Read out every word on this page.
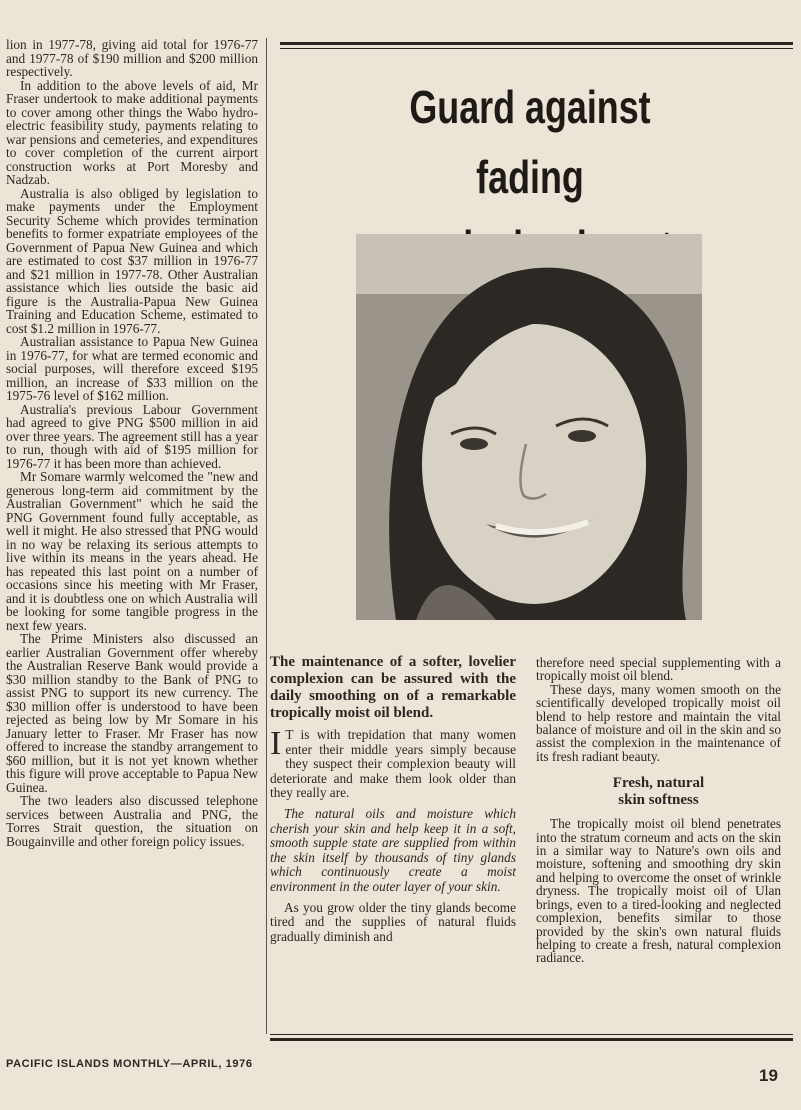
lion in 1977-78, giving aid total for 1976-77 and 1977-78 of $190 million and $200 million respectively.

In addition to the above levels of aid, Mr Fraser undertook to make additional payments to cover among other things the Wabo hydro-electric feasibility study, payments relating to war pensions and cemeteries, and expenditures to cover completion of the current airport construction works at Port Moresby and Nadzab.

Australia is also obliged by legislation to make payments under the Employment Security Scheme which provides termination benefits to former expatriate employees of the Government of Papua New Guinea and which are estimated to cost $37 million in 1976-77 and $21 million in 1977-78. Other Australian assistance which lies outside the basic aid figure is the Australia-Papua New Guinea Training and Education Scheme, estimated to cost $1.2 million in 1976-77.

Australian assistance to Papua New Guinea in 1976-77, for what are termed economic and social purposes, will therefore exceed $195 million, an increase of $33 million on the 1975-76 level of $162 million.

Australia's previous Labour Government had agreed to give PNG $500 million in aid over three years. The agreement still has a year to run, though with aid of $195 million for 1976-77 it has been more than achieved.

Mr Somare warmly welcomed the "new and generous long-term aid commitment by the Australian Government" which he said the PNG Government found fully acceptable, as well it might. He also stressed that PNG would in no way be relaxing its serious attempts to live within its means in the years ahead. He has repeated this last point on a number of occasions since his meeting with Mr Fraser, and it is doubtless one on which Australia will be looking for some tangible progress in the next few years.

The Prime Ministers also discussed an earlier Australian Government offer whereby the Australian Reserve Bank would provide a $30 million standby to the Bank of PNG to assist PNG to support its new currency. The $30 million offer is understood to have been rejected as being low by Mr Somare in his January letter to Fraser. Mr Fraser has now offered to increase the standby arrangement to $60 million, but it is not yet known whether this figure will prove acceptable to Papua New Guinea.

The two leaders also discussed telephone services between Australia and PNG, the Torres Strait question, the situation on Bougainville and other foreign policy issues.

Guard against fading

The maintenance of a softer, lovelier complexion can be assured with the daily smoothing on of a remarkable tropically moist oil blend.

I T is with trepidation that many women enter their middle years simply because they suspect their complexion beauty will deteriorate and make them look older than they really are.

The natural oils and moisture which cherish your skin and help keep it in a soft, smooth supple state are supplied from within the skin itself by thousands of tiny glands which continuously create a moist environment in the outer layer of your skin.

As you grow older the tiny glands become tired and the supplies of natural fluids gradually diminish and

therefore need special supplementing with a tropically moist oil blend.

These days, many women smooth on the scientifically developed tropically moist oil blend to help restore and maintain the vital balance of moisture and oil in the skin and so assist the complexion in the maintenance of its fresh radiant beauty.

Fresh, natural
skin softness

The tropically moist oil blend penetrates into the stratum corneum and acts on the skin in a similar way to Nature's own oils and moisture, softening and smoothing dry skin and helping to overcome the onset of wrinkle dryness. The tropically moist oil of Ulan brings, even to a tired-looking and neglected complexion, benefits similar to those provided by the skin's own natural fluids helping to create a fresh, natural complexion radiance.

PACIFIC ISLANDS MONTHLY—APRIL, 1976
19
